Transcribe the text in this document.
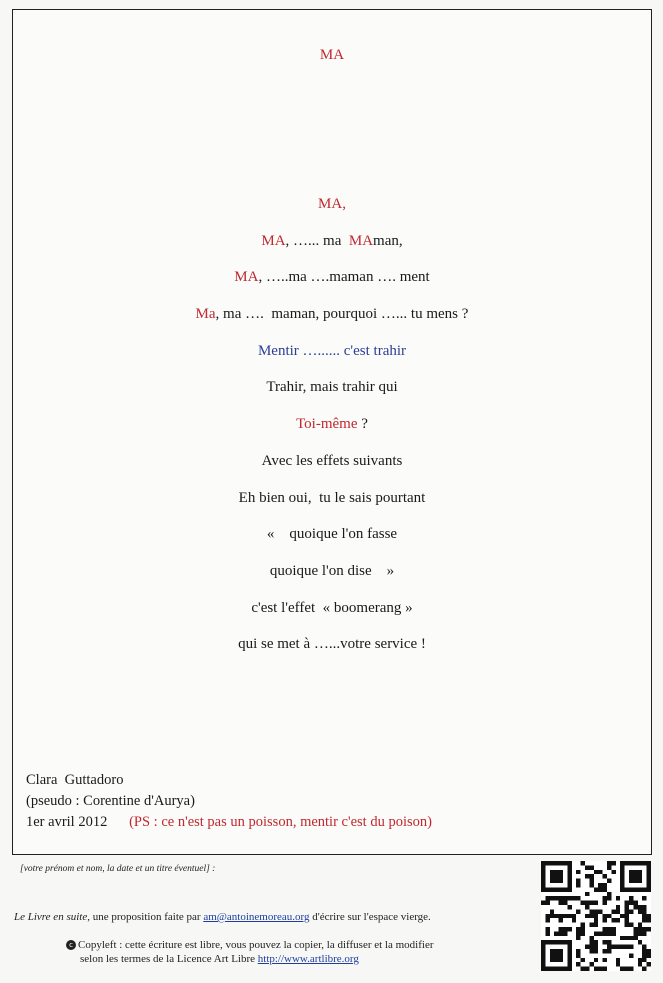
MA
MA,
MA, …... ma  MAman,
MA, …..ma ….maman …. ment
Ma, ma ….  maman, pourquoi …... tu mens ?
Mentir …...... c'est trahir
Trahir, mais trahir qui
Toi-même ?
Avec les effets suivants
Eh bien oui,  tu le sais pourtant
«    quoique l'on fasse
quoique l'on dise    »
c'est l'effet  « boomerang »
qui se met à …...votre service !
Clara  Guttadoro
(pseudo : Corentine d'Aurya)
1er avril 2012 (PS : ce n'est pas un poisson, mentir c'est du poison)
[votre prénom et nom, la date et un titre éventuel] :
Le Livre en suite, une proposition faite par am@antoinemoreau.org d'écrire sur l'espace vierge.
c Copyleft : cette écriture est libre, vous pouvez la copier, la diffuser et la modifier
selon les termes de la Licence Art Libre http://www.artlibre.org
